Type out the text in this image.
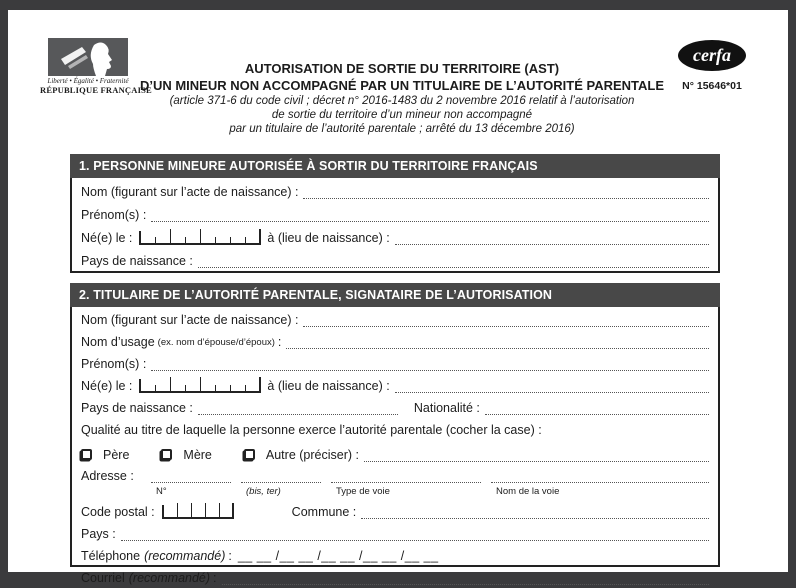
Liberté • Égalité • Fraternité
RÉPUBLIQUE FRANÇAISE
AUTORISATION DE SORTIE DU TERRITOIRE (AST)
D’UN MINEUR NON ACCOMPAGNÉ PAR UN TITULAIRE DE L’AUTORITÉ PARENTALE
(article 371-6 du code civil ; décret n° 2016-1483 du 2 novembre 2016 relatif à l’autorisation
de sortie du territoire d’un mineur non accompagné
par un titulaire de l’autorité parentale ; arrêté du 13 décembre 2016)
cerfa
N° 15646*01
1. PERSONNE MINEURE AUTORISÉE À SORTIR DU TERRITOIRE FRANÇAIS
Nom (figurant sur l’acte de naissance) :
Prénom(s) :
Né(e) le :	à (lieu de naissance) :
Pays de naissance :
2. TITULAIRE DE L’AUTORITÉ PARENTALE, SIGNATAIRE DE L’AUTORISATION
Nom (figurant sur l’acte de naissance) :
Nom d’usage (ex. nom d’épouse/d’époux) :
Prénom(s) :
Né(e) le :	à (lieu de naissance) :
Pays de naissance :	Nationalité :
Qualité au titre de laquelle la personne exerce l’autorité parentale (cocher la case) :
Père	Mère	Autre (préciser) :
Adresse :
N°	(bis, ter)	Type de voie	Nom de la voie
Code postal :	Commune :
Pays :
Téléphone (recommandé) : __ __ /__ __ /__ __ /__ __ /__ __
Courriel (recommandé) :
